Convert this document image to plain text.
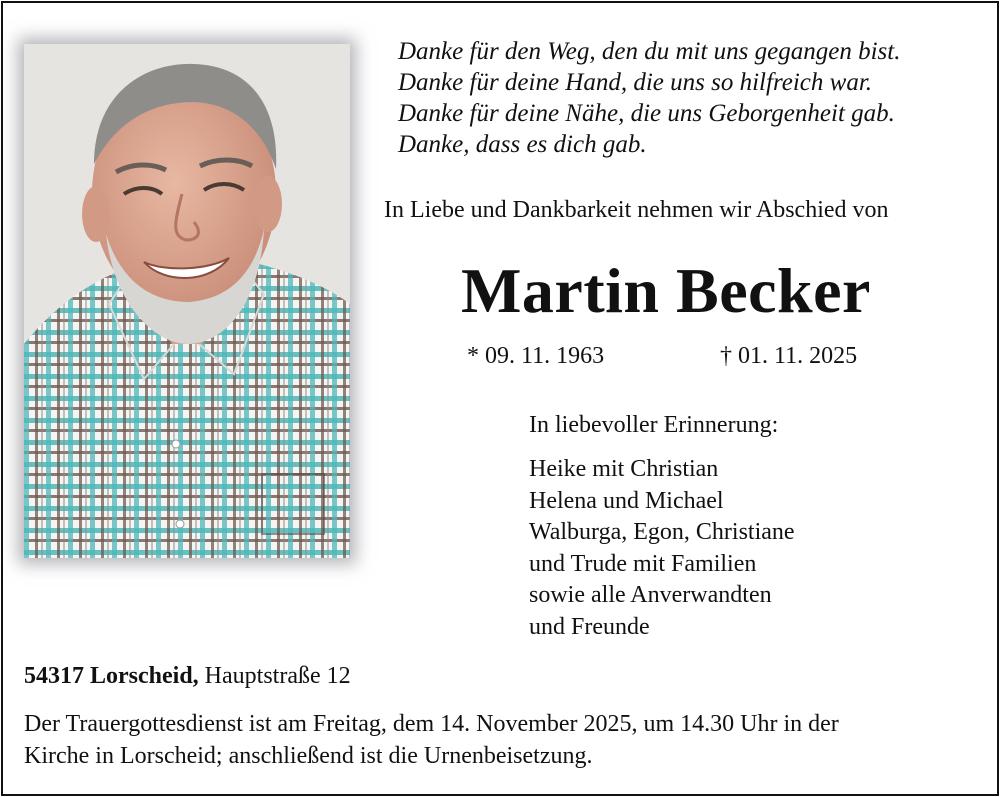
Danke für den Weg, den du mit uns gegangen bist.
Danke für deine Hand, die uns so hilfreich war.
Danke für deine Nähe, die uns Geborgenheit gab.
Danke, dass es dich gab.
In Liebe und Dankbarkeit nehmen wir Abschied von
Martin Becker
* 09. 11. 1963	† 01. 11. 2025
In liebevoller Erinnerung:
Heike mit Christian
Helena und Michael
Walburga, Egon, Christiane
und Trude mit Familien
sowie alle Anverwandten
und Freunde
54317 Lorscheid, Hauptstraße 12
Der Trauergottesdienst ist am Freitag, dem 14. November 2025, um 14.30 Uhr in der
Kirche in Lorscheid; anschließend ist die Urnenbeisetzung.
